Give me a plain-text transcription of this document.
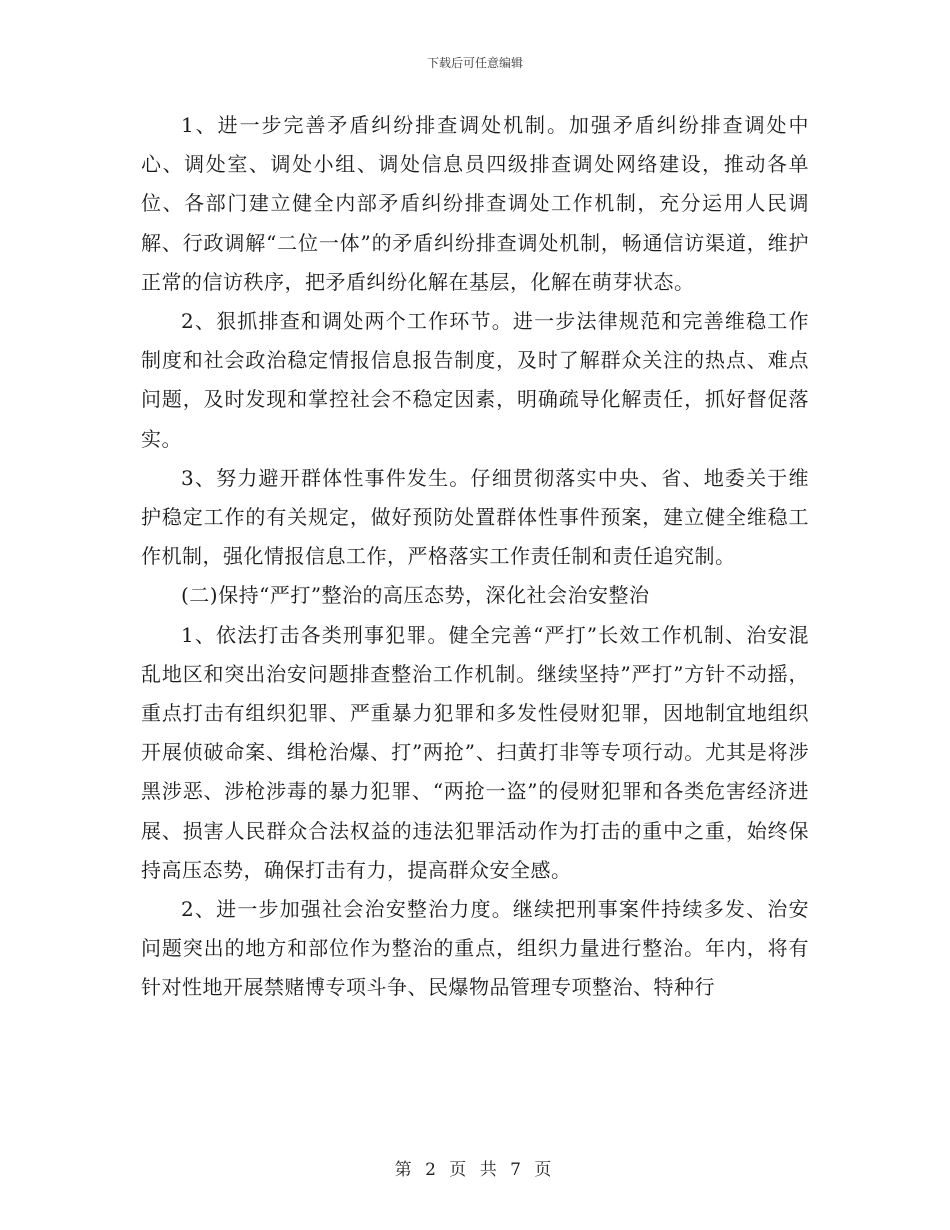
下载后可任意编辑

1、进一步完善矛盾纠纷排查调处机制。加强矛盾纠纷排查调处中心、调处室、调处小组、调处信息员四级排查调处网络建设，推动各单位、各部门建立健全内部矛盾纠纷排查调处工作机制，充分运用人民调解、行政调解“二位一体”的矛盾纠纷排查调处机制，畅通信访渠道，维护正常的信访秩序，把矛盾纠纷化解在基层，化解在萌芽状态。

2、狠抓排查和调处两个工作环节。进一步法律规范和完善维稳工作制度和社会政治稳定情报信息报告制度，及时了解群众关注的热点、难点问题，及时发现和掌控社会不稳定因素，明确疏导化解责任，抓好督促落实。

3、努力避开群体性事件发生。仔细贯彻落实中央、省、地委关于维护稳定工作的有关规定，做好预防处置群体性事件预案，建立健全维稳工作机制，强化情报信息工作，严格落实工作责任制和责任追究制。

(二)保持“严打”整治的高压态势，深化社会治安整治

1、依法打击各类刑事犯罪。健全完善“严打”长效工作机制、治安混乱地区和突出治安问题排查整治工作机制。继续坚持”严打”方针不动摇，重点打击有组织犯罪、严重暴力犯罪和多发性侵财犯罪，因地制宜地组织开展侦破命案、缉枪治爆、打”两抢”、扫黄打非等专项行动。尤其是将涉黑涉恶、涉枪涉毒的暴力犯罪、“两抢一盗”的侵财犯罪和各类危害经济进展、损害人民群众合法权益的违法犯罪活动作为打击的重中之重，始终保持高压态势，确保打击有力，提高群众安全感。

2、进一步加强社会治安整治力度。继续把刑事案件持续多发、治安问题突出的地方和部位作为整治的重点，组织力量进行整治。年内，将有针对性地开展禁赌博专项斗争、民爆物品管理专项整治、特种行

第 2 页 共 7 页
